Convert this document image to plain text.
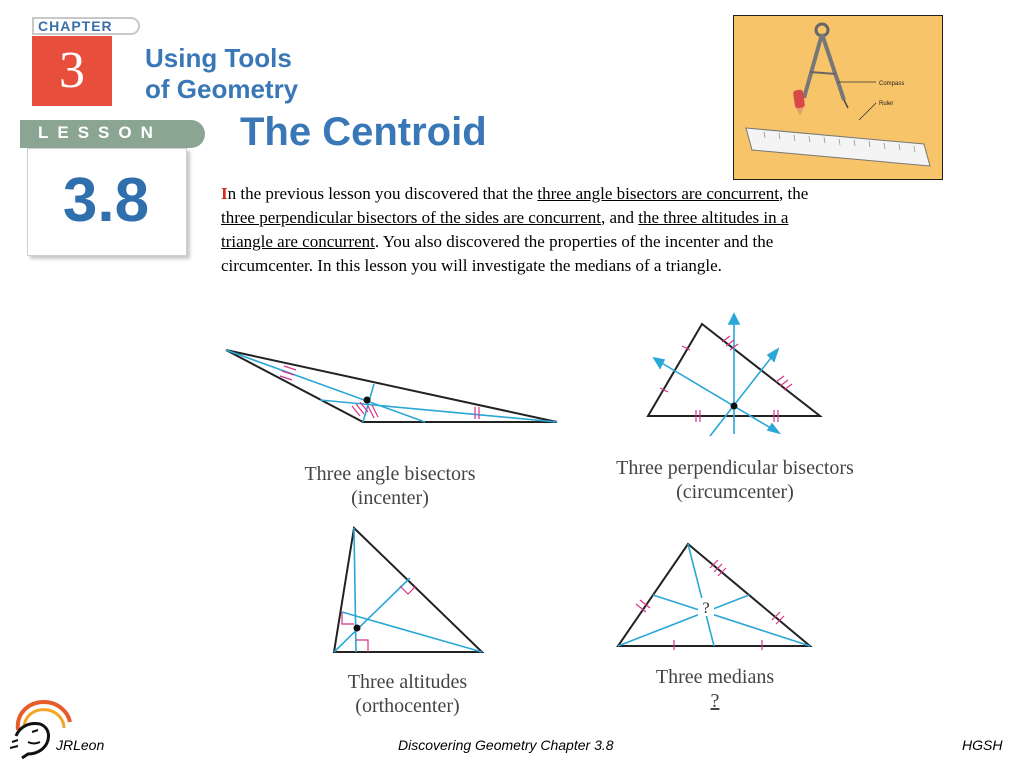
CHAPTER
3	Using Tools
of Geometry
LESSON
3.8
The Centroid
Compass
Ruler
In the previous lesson you discovered that the three angle bisectors are concurrent, the three perpendicular bisectors of the sides are concurrent, and the three altitudes in a triangle are concurrent. You also discovered the properties of the incenter and the circumcenter. In this lesson you will investigate the medians of a triangle.
Three angle bisectors
(incenter)
Three perpendicular bisectors
(circumcenter)
Three altitudes
(orthocenter)
?
Three medians
?
JRLeon	Discovering Geometry Chapter 3.8	HGSH
